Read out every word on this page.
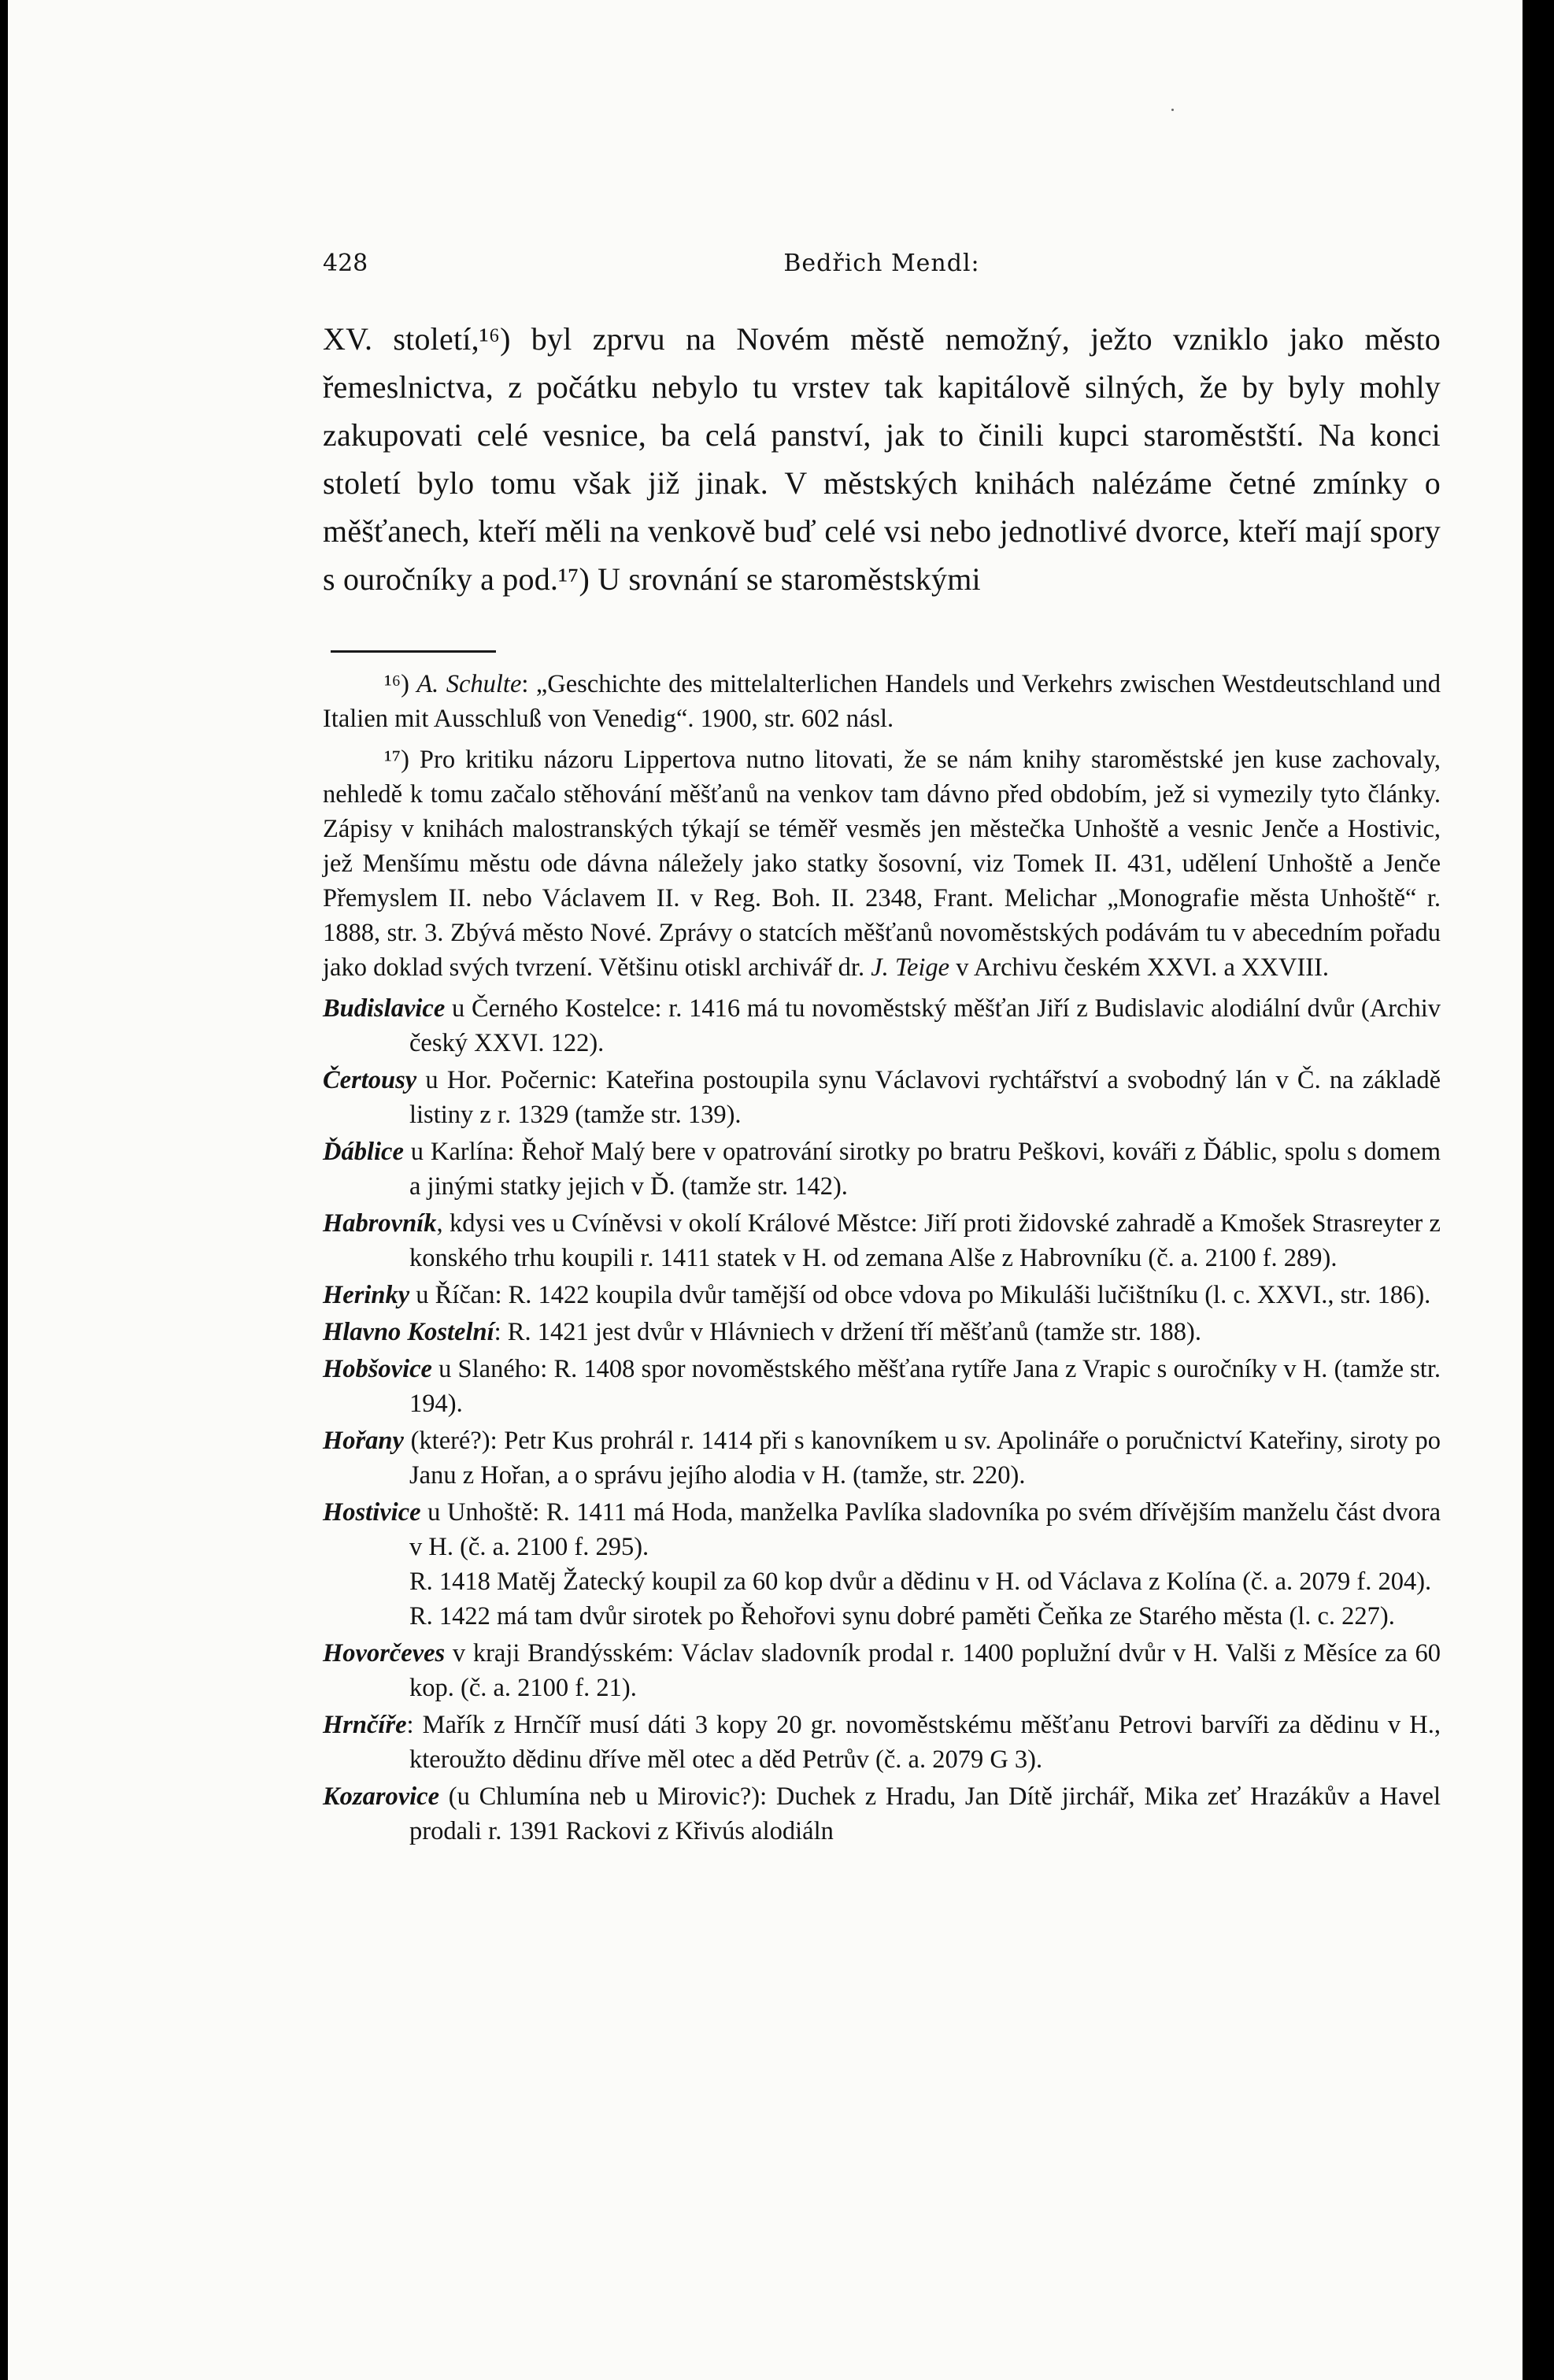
428	Bedřich Mendl:

XV. století,¹⁶) byl zprvu na Novém městě nemožný, ježto vzniklo jako město řemeslnictva, z počátku nebylo tu vrstev tak kapitálově silných, že by byly mohly zakupovati celé vesnice, ba celá panství, jak to činili kupci staroměstští. Na konci století bylo tomu však již jinak. V městských knihách nalézáme četné zmínky o měšťanech, kteří měli na venkově buď celé vsi nebo jednotlivé dvorce, kteří mají spory s ouročníky a pod.¹⁷) U srovnání se staroměstskými

¹⁶) A. Schulte: „Geschichte des mittelalterlichen Handels und Verkehrs zwischen Westdeutschland und Italien mit Ausschluß von Venedig“. 1900, str. 602 násl.

¹⁷) Pro kritiku názoru Lippertova nutno litovati, že se nám knihy staroměstské jen kuse zachovaly, nehledě k tomu začalo stěhování měšťanů na venkov tam dávno před obdobím, jež si vymezily tyto články. Zápisy v knihách malostranských týkají se téměř vesměs jen městečka Unhoště a vesnic Jenče a Hostivic, jež Menšímu městu ode dávna náležely jako statky šosovní, viz Tomek II. 431, udělení Unhoště a Jenče Přemyslem II. nebo Václavem II. v Reg. Boh. II. 2348, Frant. Melichar „Monografie města Unhoště“ r. 1888, str. 3. Zbývá město Nové. Zprávy o statcích měšťanů novoměstských podávám tu v abecedním pořadu jako doklad svých tvrzení. Většinu otiskl archivář dr. J. Teige v Archivu českém XXVI. a XXVIII.

Budislavice u Černého Kostelce: r. 1416 má tu novoměstský měšťan Jiří z Budislavic alodiální dvůr (Archiv český XXVI. 122).

Čertousy u Hor. Počernic: Kateřina postoupila synu Václavovi rychtářství a svobodný lán v Č. na základě listiny z r. 1329 (tamže str. 139).

Ďáblice u Karlína: Řehoř Malý bere v opatrování sirotky po bratru Peškovi, kováři z Ďáblic, spolu s domem a jinými statky jejich v Ď. (tamže str. 142).

Habrovník, kdysi ves u Cvíněvsi v okolí Králové Městce: Jiří proti židovské zahradě a Kmošek Strasreyter z konského trhu koupili r. 1411 statek v H. od zemana Alše z Habrovníku (č. a. 2100 f. 289).

Herinky u Říčan: R. 1422 koupila dvůr tamější od obce vdova po Mikuláši lučištníku (l. c. XXVI., str. 186).

Hlavno Kostelní: R. 1421 jest dvůr v Hlávniech v držení tří měšťanů (tamže str. 188).

Hobšovice u Slaného: R. 1408 spor novoměstského měšťana rytíře Jana z Vrapic s ouročníky v H. (tamže str. 194).

Hořany (které?): Petr Kus prohrál r. 1414 při s kanovníkem u sv. Apolináře o poručnictví Kateřiny, siroty po Janu z Hořan, a o správu jejího alodia v H. (tamže, str. 220).

Hostivice u Unhoště: R. 1411 má Hoda, manželka Pavlíka sladovníka po svém dřívějším manželu část dvora v H. (č. a. 2100 f. 295).
R. 1418 Matěj Žatecký koupil za 60 kop dvůr a dědinu v H. od Václava z Kolína (č. a. 2079 f. 204).
R. 1422 má tam dvůr sirotek po Řehořovi synu dobré paměti Čeňka ze Starého města (l. c. 227).

Hovorčeves v kraji Brandýsském: Václav sladovník prodal r. 1400 poplužní dvůr v H. Valši z Měsíce za 60 kop. (č. a. 2100 f. 21).

Hrnčíře: Mařík z Hrnčíř musí dáti 3 kopy 20 gr. novoměstskému měšťanu Petrovi barvíři za dědinu v H., kteroužto dědinu dříve měl otec a děd Petrův (č. a. 2079 G 3).

Kozarovice (u Chlumína neb u Mirovic?): Duchek z Hradu, Jan Dítě jirchář, Mika zeť Hrazákův a Havel prodali r. 1391 Rackovi z Křivús alodiáln
